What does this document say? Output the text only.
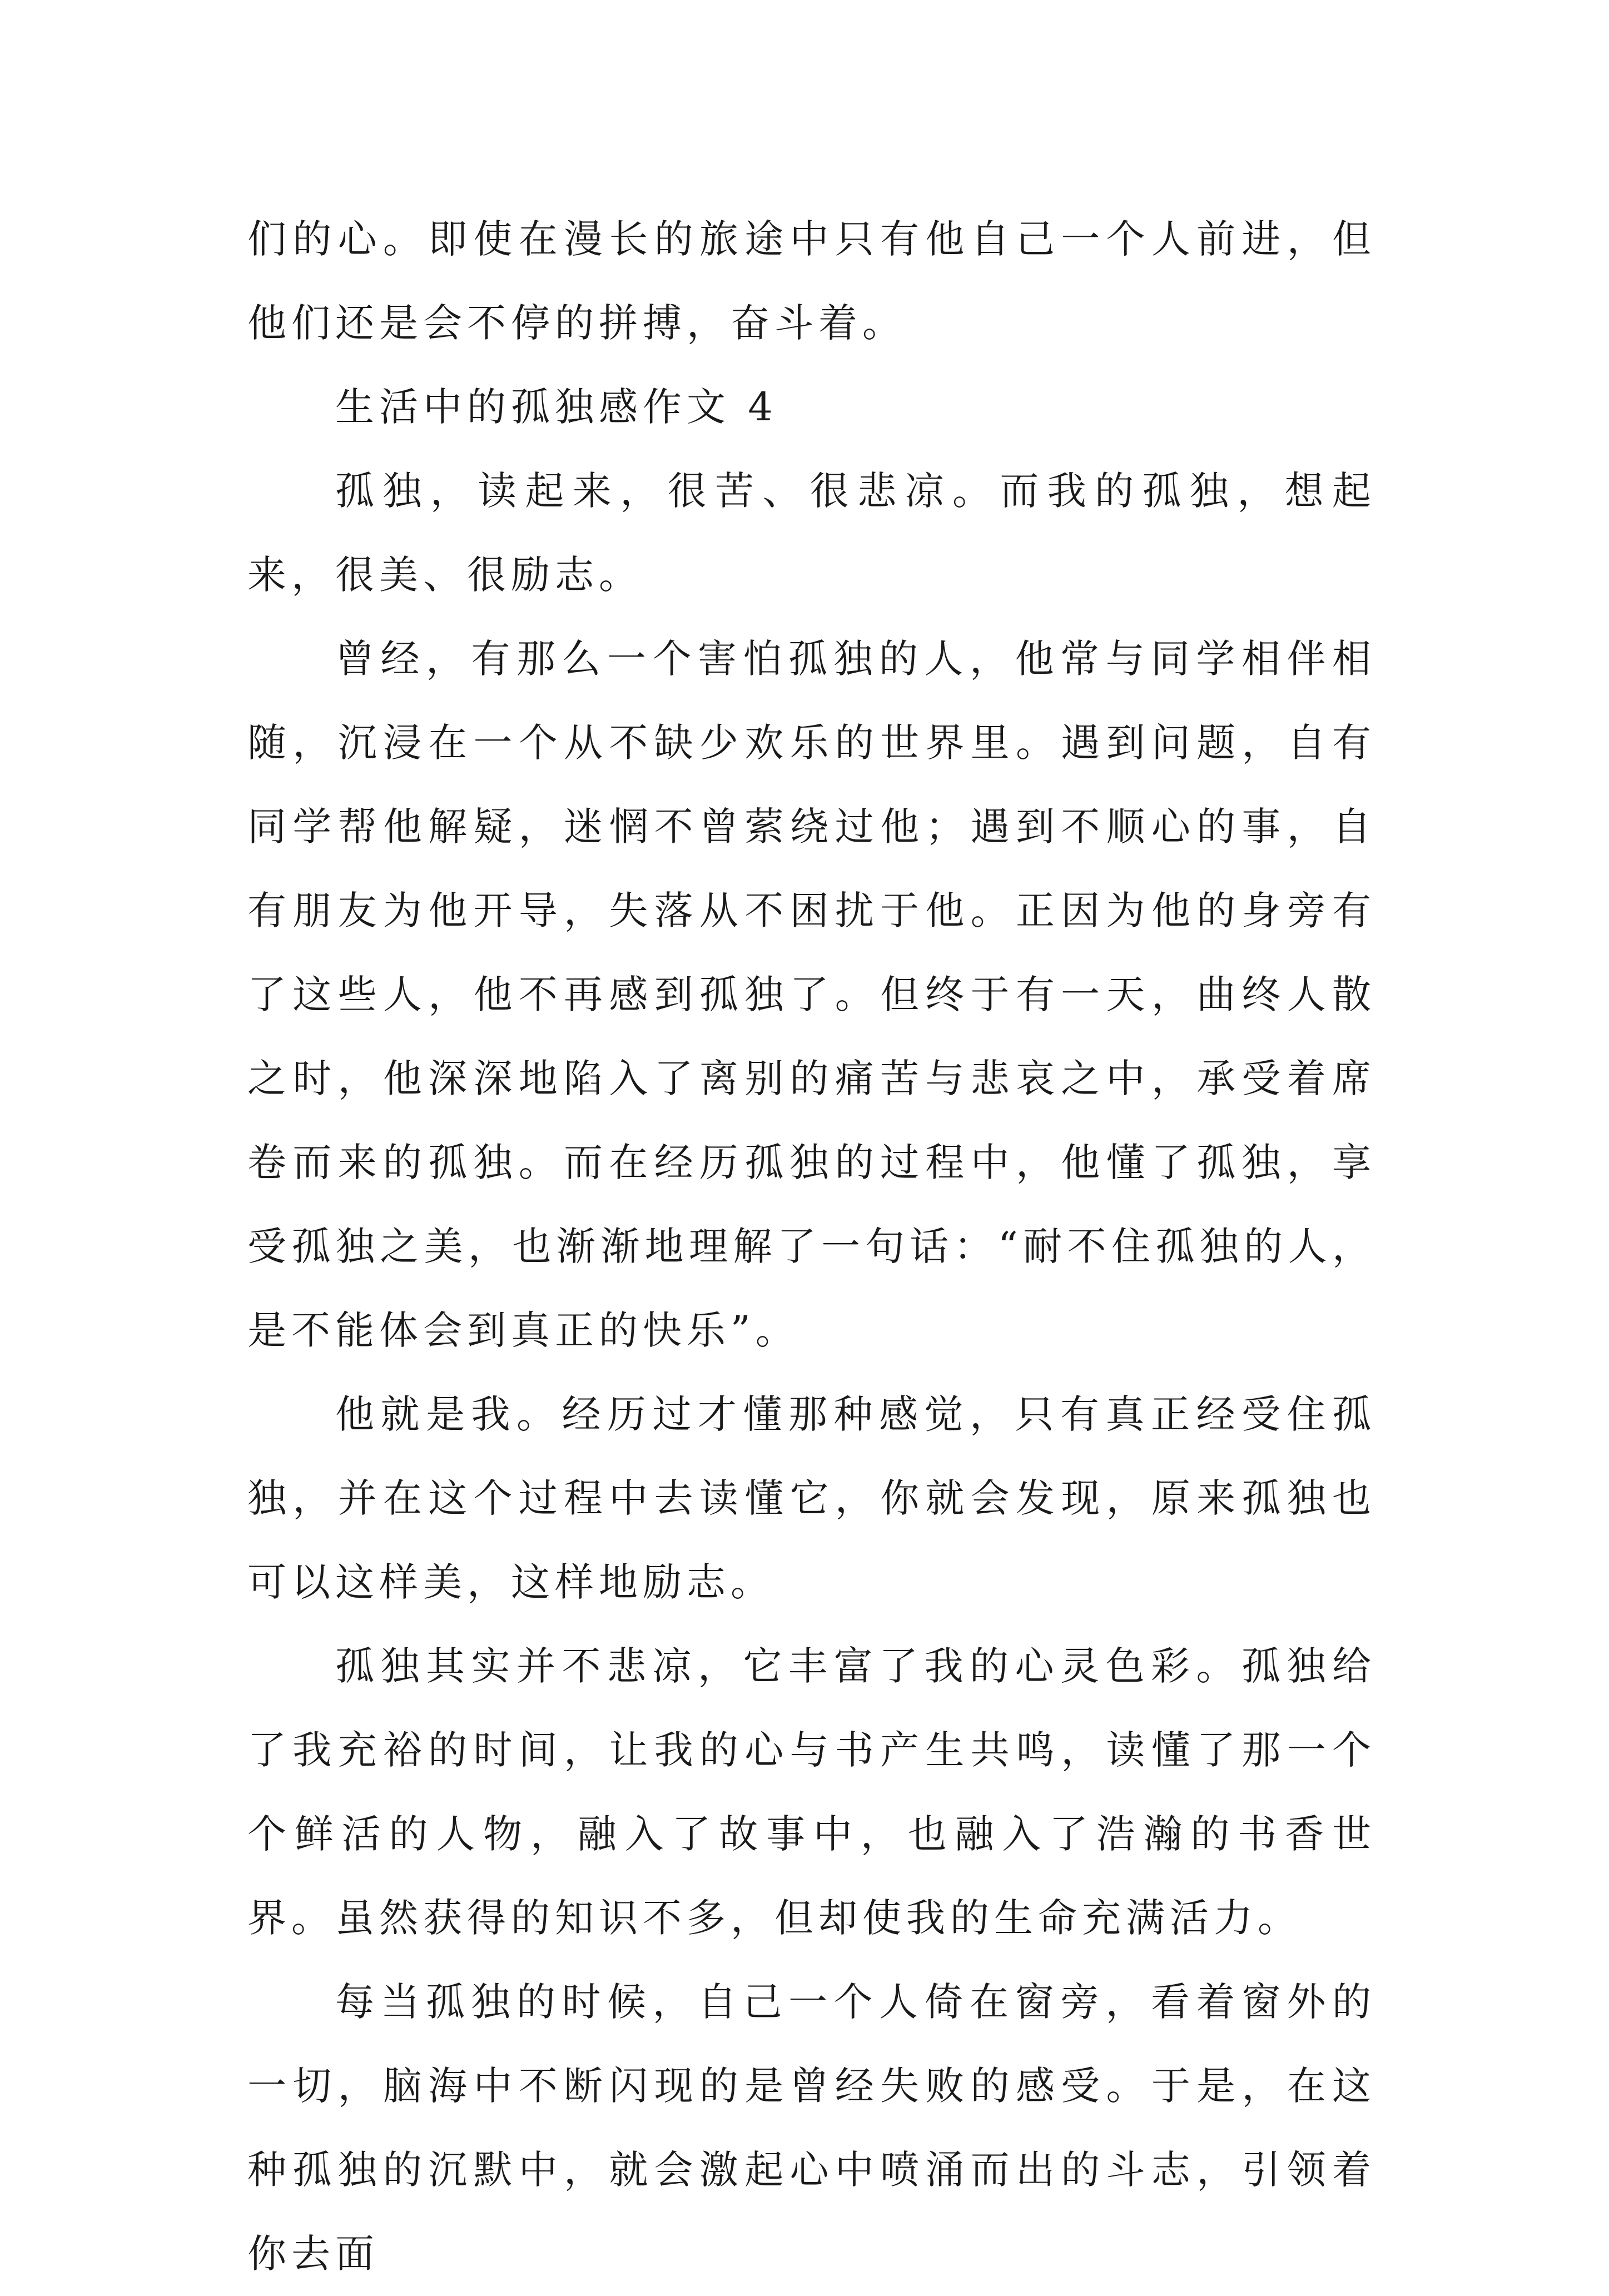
们的心。即使在漫长的旅途中只有他自己一个人前进，但他们还是会不停的拼搏，奋斗着。

生活中的孤独感作文 4

孤独，读起来，很苦、很悲凉。而我的孤独，想起来，很美、很励志。

曾经，有那么一个害怕孤独的人，他常与同学相伴相随，沉浸在一个从不缺少欢乐的世界里。遇到问题，自有同学帮他解疑，迷惘不曾萦绕过他；遇到不顺心的事，自有朋友为他开导，失落从不困扰于他。正因为他的身旁有了这些人，他不再感到孤独了。但终于有一天，曲终人散之时，他深深地陷入了离别的痛苦与悲哀之中，承受着席卷而来的孤独。而在经历孤独的过程中，他懂了孤独，享受孤独之美，也渐渐地理解了一句话：“耐不住孤独的人，是不能体会到真正的快乐”。

他就是我。经历过才懂那种感觉，只有真正经受住孤独，并在这个过程中去读懂它，你就会发现，原来孤独也可以这样美，这样地励志。

孤独其实并不悲凉，它丰富了我的心灵色彩。孤独给了我充裕的时间，让我的心与书产生共鸣，读懂了那一个个鲜活的人物，融入了故事中，也融入了浩瀚的书香世界。虽然获得的知识不多，但却使我的生命充满活力。

每当孤独的时候，自己一个人倚在窗旁，看着窗外的一切，脑海中不断闪现的是曾经失败的感受。于是，在这种孤独的沉默中，就会激起心中喷涌而出的斗志，引领着你去面
